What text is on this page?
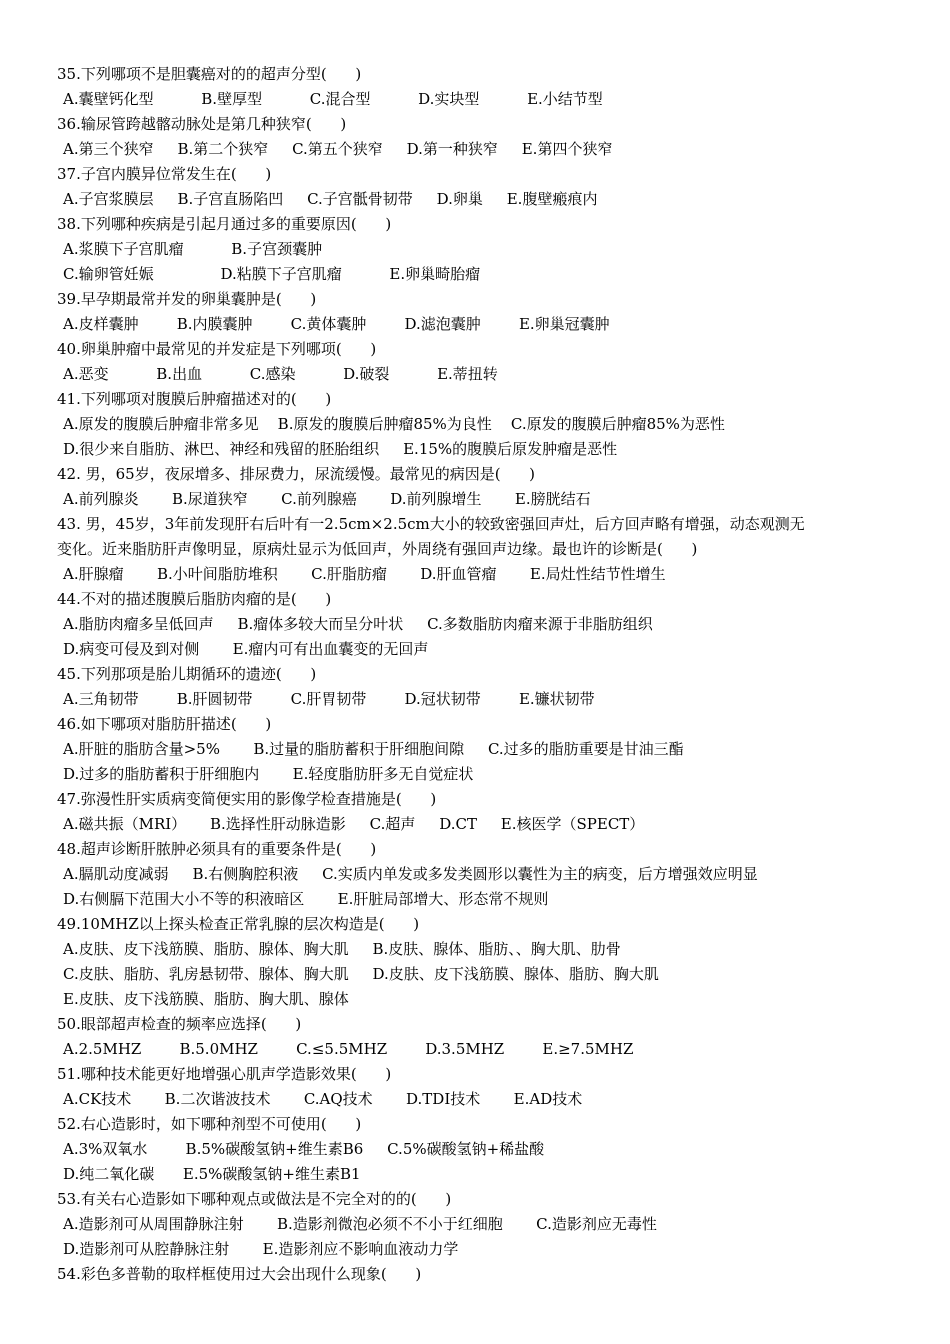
35.下列哪项不是胆囊癌对的的超声分型(      )
A.囊壁钙化型          B.壁厚型          C.混合型          D.实块型          E.小结节型
36.输尿管跨越髂动脉处是第几种狭窄(      )
A.第三个狭窄     B.第二个狭窄     C.第五个狭窄     D.第一种狭窄     E.第四个狭窄
37.子宫内膜异位常发生在(      )
A.子宫浆膜层     B.子宫直肠陷凹     C.子宫骶骨韧带     D.卵巢     E.腹壁瘢痕内
38.下列哪种疾病是引起月通过多的重要原因(      )
A.浆膜下子宫肌瘤          B.子宫颈囊肿
C.输卵管妊娠              D.粘膜下子宫肌瘤          E.卵巢畸胎瘤
39.早孕期最常并发的卵巢囊肿是(      )
A.皮样囊肿        B.内膜囊肿        C.黄体囊肿        D.滤泡囊肿        E.卵巢冠囊肿
40.卵巢肿瘤中最常见的并发症是下列哪项(      )
A.恶变          B.出血          C.感染          D.破裂          E.蒂扭转
41.下列哪项对腹膜后肿瘤描述对的(      )
A.原发的腹膜后肿瘤非常多见    B.原发的腹膜后肿瘤85%为良性    C.原发的腹膜后肿瘤85%为恶性
D.很少来自脂肪、淋巴、神经和残留的胚胎组织     E.15%的腹膜后原发肿瘤是恶性
42. 男，65岁，夜尿增多、排尿费力，尿流缓慢。最常见的病因是(      )
A.前列腺炎       B.尿道狭窄       C.前列腺癌       D.前列腺增生       E.膀胱结石
43. 男，45岁，3年前发现肝右后叶有一2.5cm×2.5cm大小的较致密强回声灶，后方回声略有增强，动态观测无
变化。近来脂肪肝声像明显，原病灶显示为低回声，外周绕有强回声边缘。最也许的诊断是(      )
A.肝腺瘤       B.小叶间脂肪堆积       C.肝脂肪瘤       D.肝血管瘤       E.局灶性结节性增生
44.不对的描述腹膜后脂肪肉瘤的是(      )
A.脂肪肉瘤多呈低回声     B.瘤体多较大而呈分叶状     C.多数脂肪肉瘤来源于非脂肪组织
D.病变可侵及到对侧       E.瘤内可有出血囊变的无回声
45.下列那项是胎儿期循环的遗迹(      )
A.三角韧带        B.肝圆韧带        C.肝胃韧带        D.冠状韧带        E.镰状韧带
46.如下哪项对脂肪肝描述(      )
A.肝脏的脂肪含量>5%       B.过量的脂肪蓄积于肝细胞间隙     C.过多的脂肪重要是甘油三酯
D.过多的脂肪蓄积于肝细胞内       E.轻度脂肪肝多无自觉症状
47.弥漫性肝实质病变简便实用的影像学检查措施是(      )
A.磁共振（MRI）     B.选择性肝动脉造影     C.超声     D.CT     E.核医学（SPECT）
48.超声诊断肝脓肿必须具有的重要条件是(      )
A.膈肌动度减弱     B.右侧胸腔积液     C.实质内单发或多发类圆形以囊性为主的病变，后方增强效应明显
D.右侧膈下范围大小不等的积液暗区       E.肝脏局部增大、形态常不规则
49.10MHZ以上探头检查正常乳腺的层次构造是(      )
A.皮肤、皮下浅筋膜、脂肪、腺体、胸大肌     B.皮肤、腺体、脂肪、、胸大肌、肋骨
C.皮肤、脂肪、乳房悬韧带、腺体、胸大肌     D.皮肤、皮下浅筋膜、腺体、脂肪、胸大肌
E.皮肤、皮下浅筋膜、脂肪、胸大肌、腺体
50.眼部超声检查的频率应选择(      )
A.2.5MHZ        B.5.0MHZ        C.≤5.5MHZ        D.3.5MHZ        E.≥7.5MHZ
51.哪种技术能更好地增强心肌声学造影效果(      )
A.CK技术       B.二次谐波技术       C.AQ技术       D.TDI技术       E.AD技术
52.右心造影时，如下哪种剂型不可使用(      )
A.3%双氧水        B.5%碳酸氢钠+维生素B6     C.5%碳酸氢钠+稀盐酸
D.纯二氧化碳      E.5%碳酸氢钠+维生素B1
53.有关右心造影如下哪种观点或做法是不完全对的的(      )
A.造影剂可从周围静脉注射       B.造影剂微泡必须不不小于红细胞       C.造影剂应无毒性
D.造影剂可从腔静脉注射       E.造影剂应不影响血液动力学
54.彩色多普勒的取样框使用过大会出现什么现象(      )
